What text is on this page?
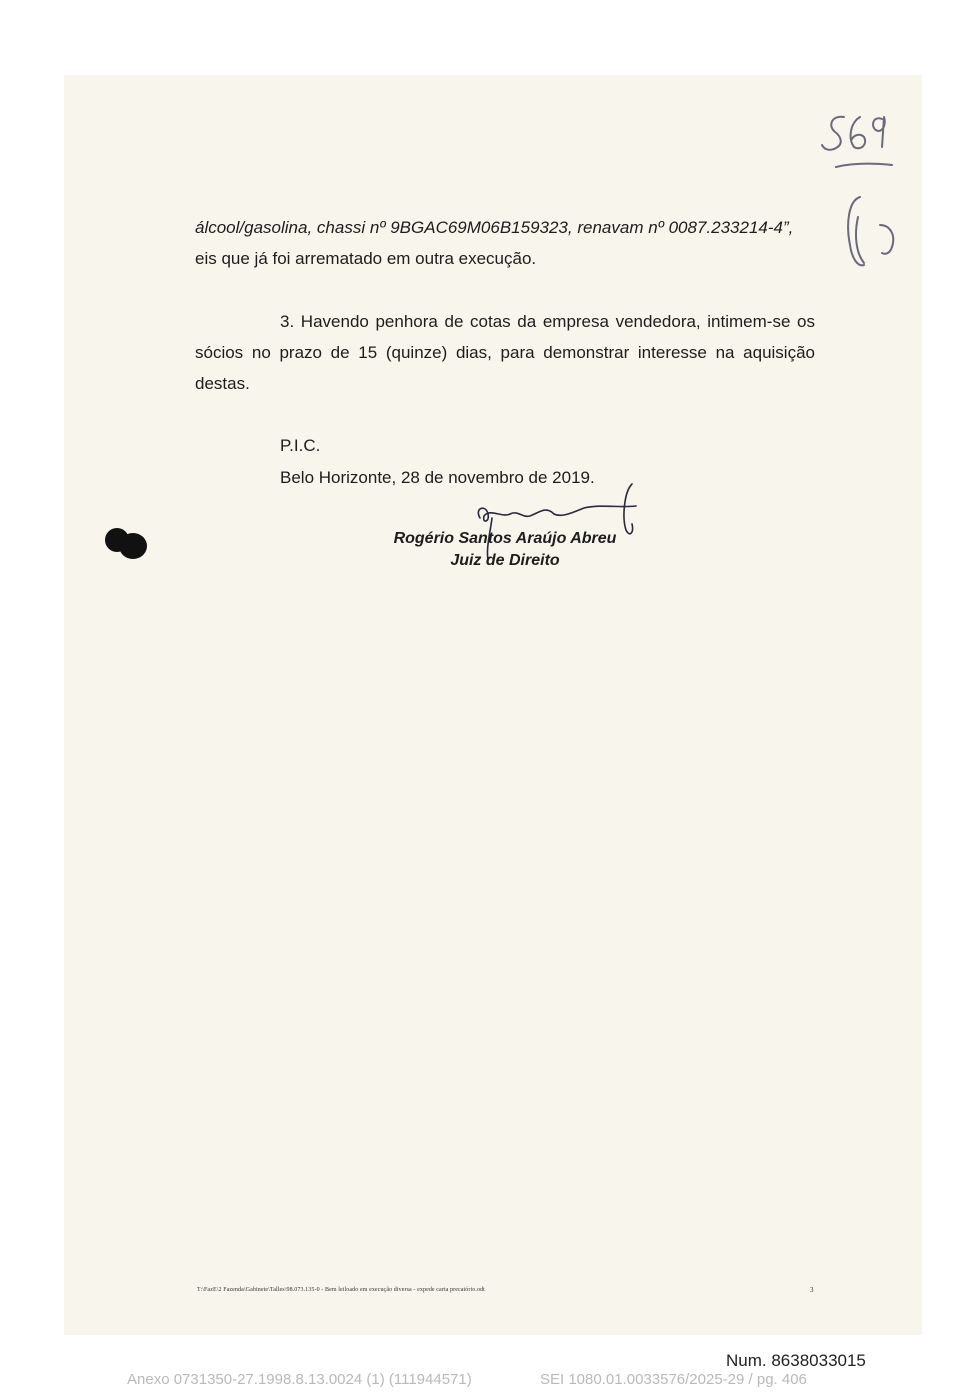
álcool/gasolina, chassi nº 9BGAC69M06B159323, renavam nº 0087.233214-4”,
eis que já foi arrematado em outra execução.

3. Havendo penhora de cotas da empresa vendedora, intimem-se os sócios no prazo de 15 (quinze) dias, para demonstrar interesse na aquisição destas.

P.I.C.
Belo Horizonte, 28 de novembro de 2019.
Rogério Santos Araújo Abreu
Juiz de Direito
T:\FazE\2 Fazenda\Gabinete\Talles\98.073.135-0 - Bem leiloado em execução diversa - expede carta precatório.odt	3
Num. 8638033015
Anexo 0731350-27.1998.8.13.0024 (1) (111944571)	SEI 1080.01.0033576/2025-29 / pg. 406
